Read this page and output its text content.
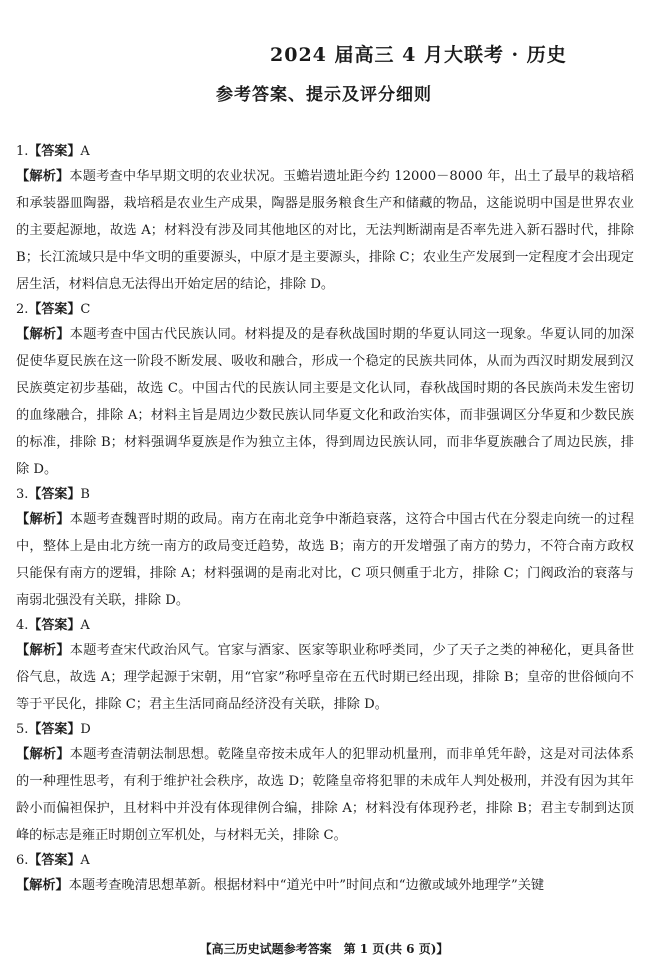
2024 届高三 4 月大联考 · 历史
参考答案、提示及评分细则
1.【答案】A
【解析】本题考查中华早期文明的农业状况。玉蟾岩遗址距今约 12000－8000 年，出土了最早的栽培稻和承装器皿陶器，栽培稻是农业生产成果，陶器是服务粮食生产和储藏的物品，这能说明中国是世界农业的主要起源地，故选 A；材料没有涉及同其他地区的对比，无法判断湖南是否率先进入新石器时代，排除 B；长江流域只是中华文明的重要源头，中原才是主要源头，排除 C；农业生产发展到一定程度才会出现定居生活，材料信息无法得出开始定居的结论，排除 D。
2.【答案】C
【解析】本题考查中国古代民族认同。材料提及的是春秋战国时期的华夏认同这一现象。华夏认同的加深促使华夏民族在这一阶段不断发展、吸收和融合，形成一个稳定的民族共同体，从而为西汉时期发展到汉民族奠定初步基础，故选 C。中国古代的民族认同主要是文化认同，春秋战国时期的各民族尚未发生密切的血缘融合，排除 A；材料主旨是周边少数民族认同华夏文化和政治实体，而非强调区分华夏和少数民族的标准，排除 B；材料强调华夏族是作为独立主体，得到周边民族认同，而非华夏族融合了周边民族，排除 D。
3.【答案】B
【解析】本题考查魏晋时期的政局。南方在南北竞争中渐趋衰落，这符合中国古代在分裂走向统一的过程中，整体上是由北方统一南方的政局变迁趋势，故选 B；南方的开发增强了南方的势力，不符合南方政权只能保有南方的逻辑，排除 A；材料强调的是南北对比，C 项只侧重于北方，排除 C；门阀政治的衰落与南弱北强没有关联，排除 D。
4.【答案】A
【解析】本题考查宋代政治风气。官家与酒家、医家等职业称呼类同，少了天子之类的神秘化，更具备世俗气息，故选 A；理学起源于宋朝，用“官家”称呼皇帝在五代时期已经出现，排除 B；皇帝的世俗倾向不等于平民化，排除 C；君主生活同商品经济没有关联，排除 D。
5.【答案】D
【解析】本题考查清朝法制思想。乾隆皇帝按未成年人的犯罪动机量刑，而非单凭年龄，这是对司法体系的一种理性思考，有利于维护社会秩序，故选 D；乾隆皇帝将犯罪的未成年人判处极刑，并没有因为其年龄小而偏袒保护，且材料中并没有体现律例合编，排除 A；材料没有体现矜老，排除 B；君主专制到达顶峰的标志是雍正时期创立军机处，与材料无关，排除 C。
6.【答案】A
【解析】本题考查晚清思想革新。根据材料中“道光中叶”时间点和“边徼或域外地理学”关键
【高三历史试题参考答案　第 1 页(共 6 页)】
